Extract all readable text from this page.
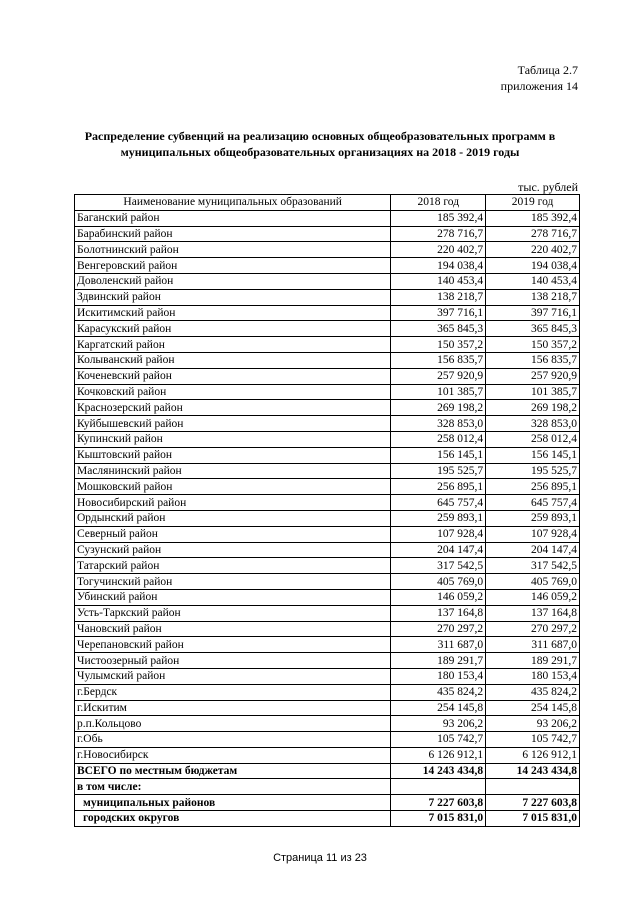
Таблица 2.7
приложения 14
Распределение субвенций на реализацию основных общеобразовательных программ в
муниципальных общеобразовательных организациях на 2018 - 2019 годы
тыс. рублей
Наименование муниципальных образований	2018 год	2019 год
Баганский район	185 392,4	185 392,4
Барабинский район	278 716,7	278 716,7
Болотнинский район	220 402,7	220 402,7
Венгеровский район	194 038,4	194 038,4
Доволенский район	140 453,4	140 453,4
Здвинский район	138 218,7	138 218,7
Искитимский район	397 716,1	397 716,1
Карасукский район	365 845,3	365 845,3
Каргатский район	150 357,2	150 357,2
Колыванский район	156 835,7	156 835,7
Коченевский район	257 920,9	257 920,9
Кочковский район	101 385,7	101 385,7
Краснозерский район	269 198,2	269 198,2
Куйбышевский район	328 853,0	328 853,0
Купинский район	258 012,4	258 012,4
Кыштовский район	156 145,1	156 145,1
Маслянинский район	195 525,7	195 525,7
Мошковский район	256 895,1	256 895,1
Новосибирский район	645 757,4	645 757,4
Ордынский район	259 893,1	259 893,1
Северный район	107 928,4	107 928,4
Сузунский район	204 147,4	204 147,4
Татарский район	317 542,5	317 542,5
Тогучинский район	405 769,0	405 769,0
Убинский район	146 059,2	146 059,2
Усть-Таркский район	137 164,8	137 164,8
Чановский район	270 297,2	270 297,2
Черепановский район	311 687,0	311 687,0
Чистоозерный район	189 291,7	189 291,7
Чулымский район	180 153,4	180 153,4
г.Бердск	435 824,2	435 824,2
г.Искитим	254 145,8	254 145,8
р.п.Кольцово	93 206,2	93 206,2
г.Обь	105 742,7	105 742,7
г.Новосибирск	6 126 912,1	6 126 912,1
ВСЕГО по местным бюджетам	14 243 434,8	14 243 434,8
в том числе:		
муниципальных районов	7 227 603,8	7 227 603,8
городских округов	7 015 831,0	7 015 831,0
Страница 11 из 23
